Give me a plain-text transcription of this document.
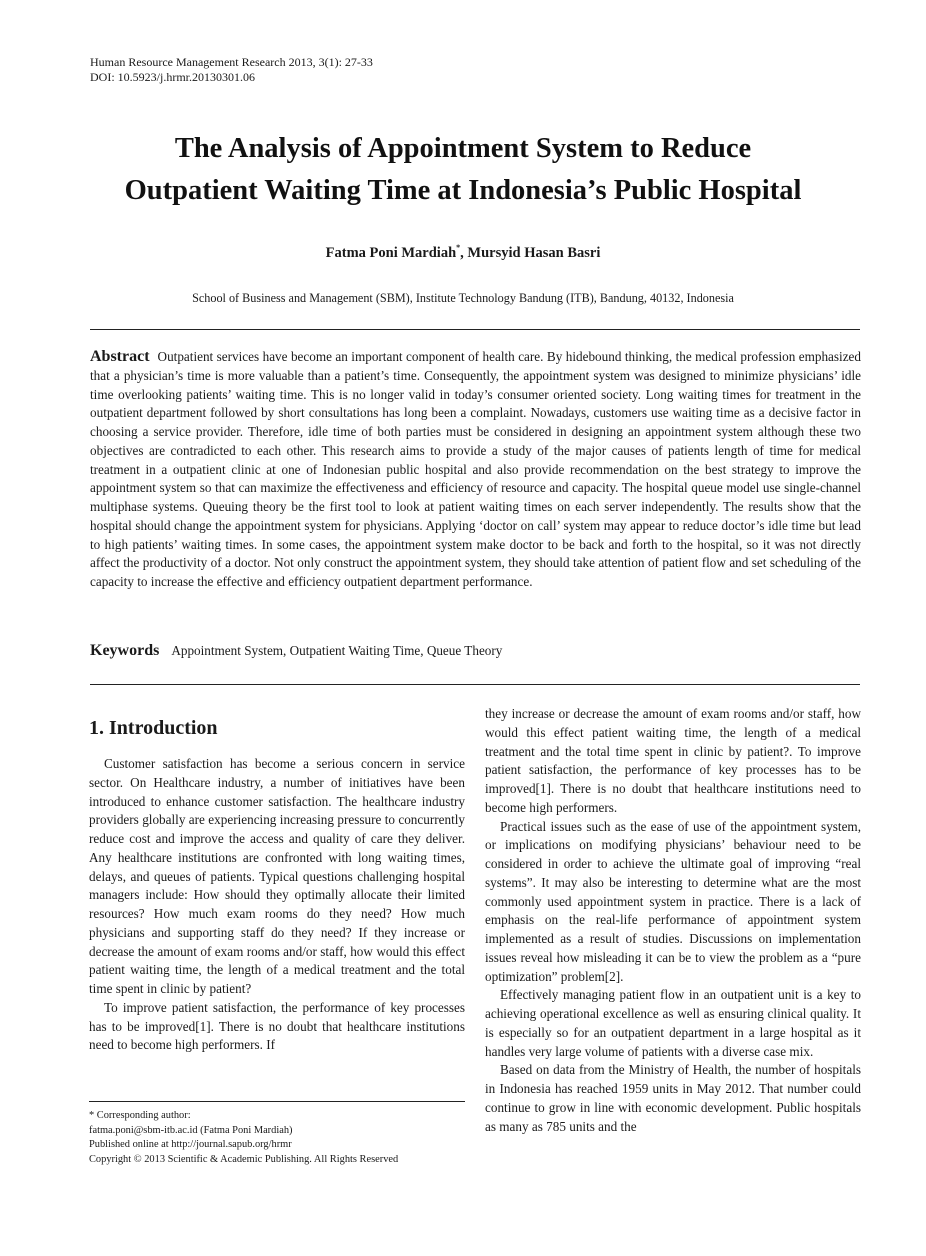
Human Resource Management Research 2013, 3(1): 27-33
DOI: 10.5923/j.hrmr.20130301.06
The Analysis of Appointment System to Reduce
Outpatient Waiting Time at Indonesia’s Public Hospital
Fatma Poni Mardiah*, Mursyid Hasan Basri
School of Business and Management (SBM), Institute Technology Bandung (ITB), Bandung, 40132, Indonesia
Abstract Outpatient services have become an important component of health care. By hidebound thinking, the medical profession emphasized that a physician’s time is more valuable than a patient’s time. Consequently, the appointment system was designed to minimize physicians’ idle time overlooking patients’ waiting time. This is no longer valid in today’s consumer oriented society. Long waiting times for treatment in the outpatient department followed by short consultations has long been a complaint. Nowadays, customers use waiting time as a decisive factor in choosing a service provider. Therefore, idle time of both parties must be considered in designing an appointment system although these two objectives are contradicted to each other. This research aims to provide a study of the major causes of patients length of time for medical treatment in a outpatient clinic at one of Indonesian public hospital and also provide recommendation on the best strategy to improve the appointment system so that can maximize the effectiveness and efficiency of resource and capacity. The hospital queue model use single-channel multiphase systems. Queuing theory be the first tool to look at patient waiting times on each server independently. The results show that the hospital should change the appointment system for physicians. Applying ‘doctor on call’ system may appear to reduce doctor’s idle time but lead to high patients’ waiting times. In some cases, the appointment system make doctor to be back and forth to the hospital, so it was not directly affect the productivity of a doctor. Not only construct the appointment system, they should take attention of patient flow and set scheduling of the capacity to increase the effective and efficiency outpatient department performance.
Keywords Appointment System, Outpatient Waiting Time, Queue Theory
1. Introduction

Customer satisfaction has become a serious concern in service sector. On Healthcare industry, a number of initiatives have been introduced to enhance customer satisfaction. The healthcare industry providers globally are experiencing increasing pressure to concurrently reduce cost and improve the access and quality of care they deliver. Any healthcare institutions are confronted with long waiting times, delays, and queues of patients. Typical questions challenging hospital managers include: How should they optimally allocate their limited resources? How much exam rooms do they need? How much physicians and supporting staff do they need? If they increase or decrease the amount of exam rooms and/or staff, how would this effect patient waiting time, the length of a medical treatment and the total time spent in clinic by patient?

To improve patient satisfaction, the performance of key processes has to be improved[1]. There is no doubt that healthcare institutions need to become high performers. If

they increase or decrease the amount of exam rooms and/or staff, how would this effect patient waiting time, the length of a medical treatment and the total time spent in clinic by patient?. To improve patient satisfaction, the performance of key processes has to be improved[1]. There is no doubt that healthcare institutions need to become high performers.

Practical issues such as the ease of use of the appointment system, or implications on modifying physicians’ behaviour need to be considered in order to achieve the ultimate goal of improving “real systems”. It may also be interesting to determine what are the most commonly used appointment system in practice. There is a lack of emphasis on the real-life performance of appointment system implemented as a result of studies. Discussions on implementation issues reveal how misleading it can be to view the problem as a “pure optimization” problem[2].

Effectively managing patient flow in an outpatient unit is a key to achieving operational excellence as well as ensuring clinical quality. It is especially so for an outpatient department in a large hospital as it handles very large volume of patients with a diverse case mix.

Based on data from the Ministry of Health, the number of hospitals in Indonesia has reached 1959 units in May 2012. That number could continue to grow in line with economic development. Public hospitals as many as 785 units and the

* Corresponding author:
fatma.poni@sbm-itb.ac.id (Fatma Poni Mardiah)
Published online at http://journal.sapub.org/hrmr
Copyright © 2013 Scientific & Academic Publishing. All Rights Reserved
